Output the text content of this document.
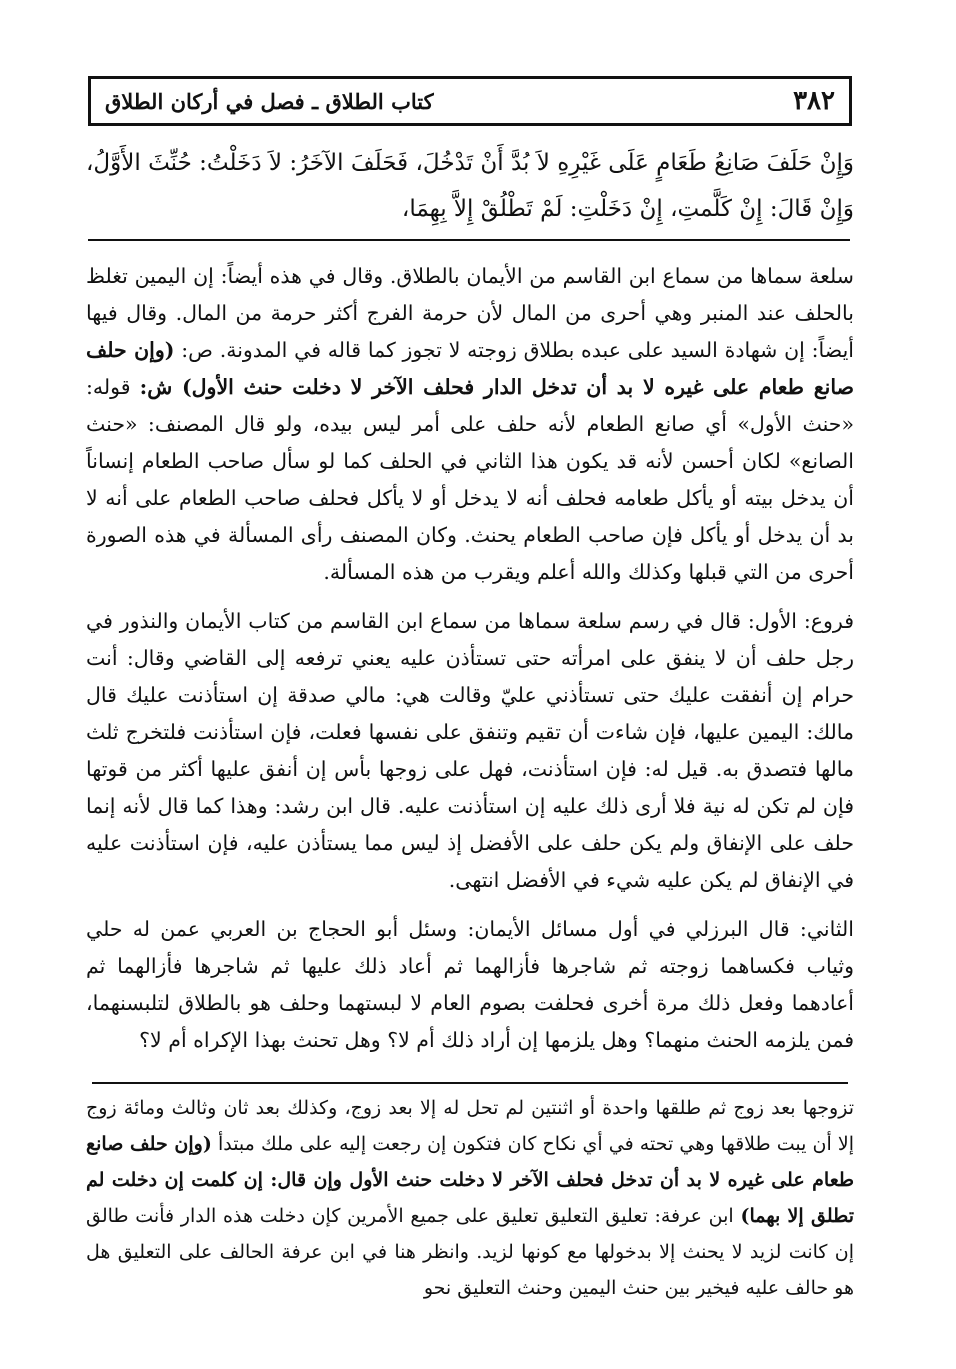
٣٨٢
كتاب الطلاق ـ فصل في أركان الطلاق
وَإِنْ حَلَفَ صَانِعُ طَعَامٍ عَلَى غَيْرِهِ لاَ بُدَّ أَنْ تَدْخُلَ، فَحَلَفَ الآخَرُ: لاَ دَخَلْتُ: حُنِّثَ الأَوَّلُ، وَإِنْ قَالَ: إِنْ كَلَّمتِ، إِنْ دَخَلْتِ: لَمْ تَطْلُقْ إِلاَّ بِهِمَا،

سلعة سماها من سماع ابن القاسم من الأيمان بالطلاق. وقال في هذه أيضاً: إن اليمين تغلظ بالحلف عند المنبر وهي أحرى من المال لأن حرمة الفرج أكثر حرمة من المال. وقال فيها أيضاً: إن شهادة السيد على عبده بطلاق زوجته لا تجوز كما قاله في المدونة. ص: (وإن حلف صانع طعام على غيره لا بد أن تدخل الدار فحلف الآخر لا دخلت حنث الأول) ش: قوله: «حنث الأول» أي صانع الطعام لأنه حلف على أمر ليس بيده، ولو قال المصنف: «حنث الصانع» لكان أحسن لأنه قد يكون هذا الثاني في الحلف كما لو سأل صاحب الطعام إنساناً أن يدخل بيته أو يأكل طعامه فحلف أنه لا يدخل أو لا يأكل فحلف صاحب الطعام على أنه لا بد أن يدخل أو يأكل فإن صاحب الطعام يحنث. وكان المصنف رأى المسألة في هذه الصورة أحرى من التي قبلها وكذلك والله أعلم ويقرب من هذه المسألة.

فروع: الأول: قال في رسم سلعة سماها من سماع ابن القاسم من كتاب الأيمان والنذور في رجل حلف أن لا ينفق على امرأته حتى تستأذن عليه يعني ترفعه إلى القاضي وقال: أنت حرام إن أنفقت عليك حتى تستأذني عليّ وقالت هي: مالي صدقة إن استأذنت عليك قال مالك: اليمين عليها، فإن شاءت أن تقيم وتنفق على نفسها فعلت، فإن استأذنت فلتخرج ثلث مالها فتصدق به. قيل له: فإن استأذنت، فهل على زوجها بأس إن أنفق عليها أكثر من قوتها فإن لم تكن له نية فلا أرى ذلك عليه إن استأذنت عليه. قال ابن رشد: وهذا كما قال لأنه إنما حلف على الإنفاق ولم يكن حلف على الأفضل إذ ليس مما يستأذن عليه، فإن استأذنت عليه في الإنفاق لم يكن عليه شيء في الأفضل انتهى.

الثاني: قال البرزلي في أول مسائل الأيمان: وسئل أبو الحجاج بن العربي عمن له حلي وثياب فكساهما زوجته ثم شاجرها فأزالهما ثم أعاد ذلك عليها ثم شاجرها فأزالهما ثم أعادهما وفعل ذلك مرة أخرى فحلفت بصوم العام لا لبستهما وحلف هو بالطلاق لتلبسنهما، فمن يلزمه الحنث منهما؟ وهل يلزمها إن أراد ذلك أم لا؟ وهل تحنث بهذا الإكراه أم لا؟

تزوجها بعد زوج ثم طلقها واحدة أو اثنتين لم تحل له إلا بعد زوج، وكذلك بعد ثان وثالث ومائة زوج إلا أن يبت طلاقها وهي تحته في أي نكاح كان فتكون إن رجعت إليه على ملك مبتدأ (وإن حلف صانع طعام على غيره لا بد أن تدخل فحلف الآخر لا دخلت حنث الأول وإن قال: إن كلمت إن دخلت لم تطلق إلا بهما) ابن عرفة: تعليق التعليق تعليق على جميع الأمرين كإن دخلت هذه الدار فأنت طالق إن كانت لزيد لا يحنث إلا بدخولها مع كونها لزيد. وانظر هنا في ابن عرفة الحالف على التعليق هل هو حالف عليه فيخير بين حنث اليمين وحنث التعليق نحو
